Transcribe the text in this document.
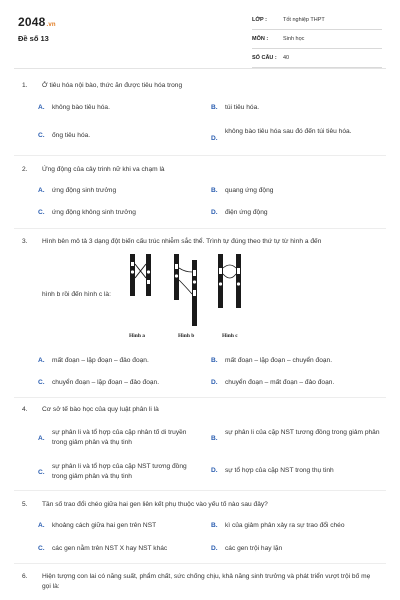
2048.vn
Đề số 13
LỚP :	Tốt nghiệp THPT
MÔN :	Sinh học
SỐ CÂU : 40
1. Ở tiêu hóa nội bào, thức ăn được tiêu hóa trong
A. không bào tiêu hóa.	B. túi tiêu hóa.
C. ống tiêu hóa.	D.
không bào tiêu hóa sau đó đến túi tiêu hóa.
2. Ứng động của cây trinh nữ khi va chạm là
A. ứng động sinh trưởng	B. quang ứng động
C. ứng động không sinh trưởng	D. điện ứng động
3. Hình bên mô tả 3 dạng đột biến cấu trúc nhiễm sắc thể. Trình tự đúng theo thứ tự từ hình a đến
hình b rồi đến hình c là:
Hình a	Hình b	Hình c
A. mất đoạn – lặp đoạn – đảo đoạn.	B. mất đoạn – lặp đoạn – chuyển đoạn.
C. chuyển đoạn – lặp đoạn – đảo đoạn.	D. chuyển đoạn – mất đoạn – đảo đoạn.
4. Cơ sở tế bào học của quy luật phân li là
A.
sự phân li và tổ hợp của cặp nhân tố di truyền trong giảm phân và thụ tinh
B.
sự phân li của cặp NST tương đồng trong giảm phân
C.
sự phân li và tổ hợp của cặp NST tương đồng trong giảm phân và thụ tinh
D. sự tổ hợp của cặp NST trong thụ tinh
5. Tần số trao đổi chéo giữa hai gen liên kết phụ thuộc vào yếu tố nào sau đây?
A. khoảng cách giữa hai gen trên NST	B. kì của giảm phân xảy ra sự trao đổi chéo
C. các gen nằm trên NST X hay NST khác	D. các gen trội hay lặn
6. Hiện tượng con lai có năng suất, phẩm chất, sức chống chịu, khả năng sinh trưởng và phát triển vượt trội bố mẹ gọi là:
